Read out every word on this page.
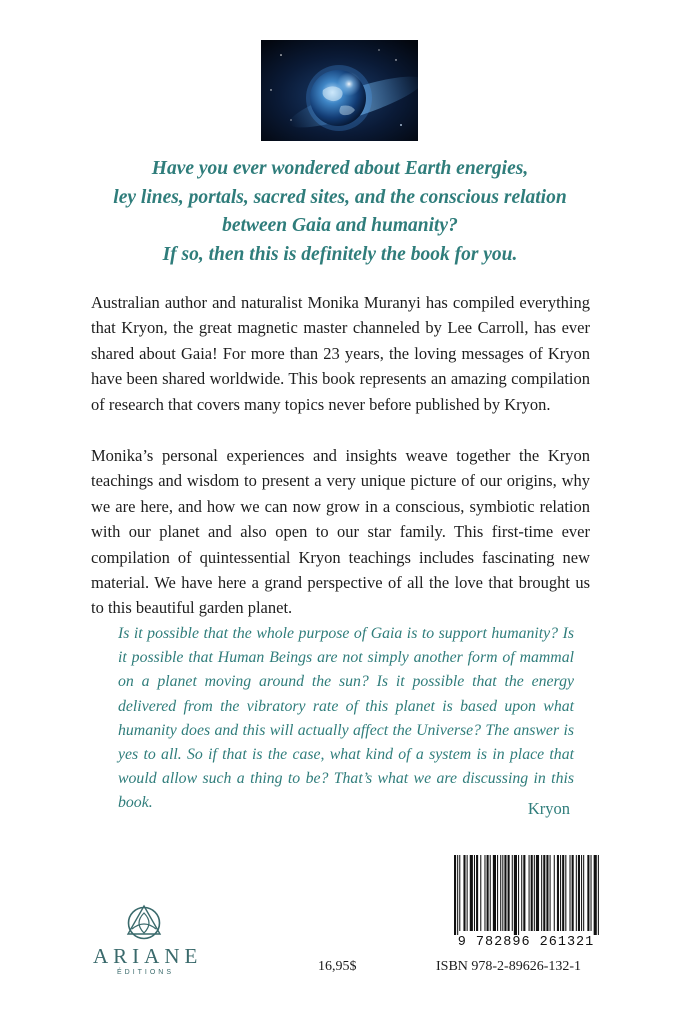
Have you ever wondered about Earth energies,
ley lines, portals, sacred sites, and the conscious relation
between Gaia and humanity?
If so, then this is definitely the book for you.

Australian author and naturalist Monika Muranyi has compiled everything that Kryon, the great magnetic master channeled by Lee Carroll, has ever shared about Gaia! For more than 23 years, the loving messages of Kryon have been shared worldwide. This book represents an amazing compilation of research that covers many topics never before published by Kryon.

Monika’s personal experiences and insights weave together the Kryon teachings and wisdom to present a very unique picture of our origins, why we are here, and how we can now grow in a conscious, symbiotic relation with our planet and also open to our star family. This first-time ever compilation of quintessential Kryon teachings includes fascinating new material. We have here a grand perspective of all the love that brought us to this beautiful garden planet.

Is it possible that the whole purpose of Gaia is to support humanity? Is it possible that Human Beings are not simply another form of mammal on a planet moving around the sun? Is it possible that the energy delivered from the vibratory rate of this planet is based upon what humanity does and this will actually affect the Universe? The answer is yes to all. So if that is the case, what kind of a system is in place that would allow such a thing to be? That’s what we are discussing in this book.	Kryon
ARIANE
ÉDITIONS	16,95$
9 782896 261321
ISBN 978-2-89626-132-1
